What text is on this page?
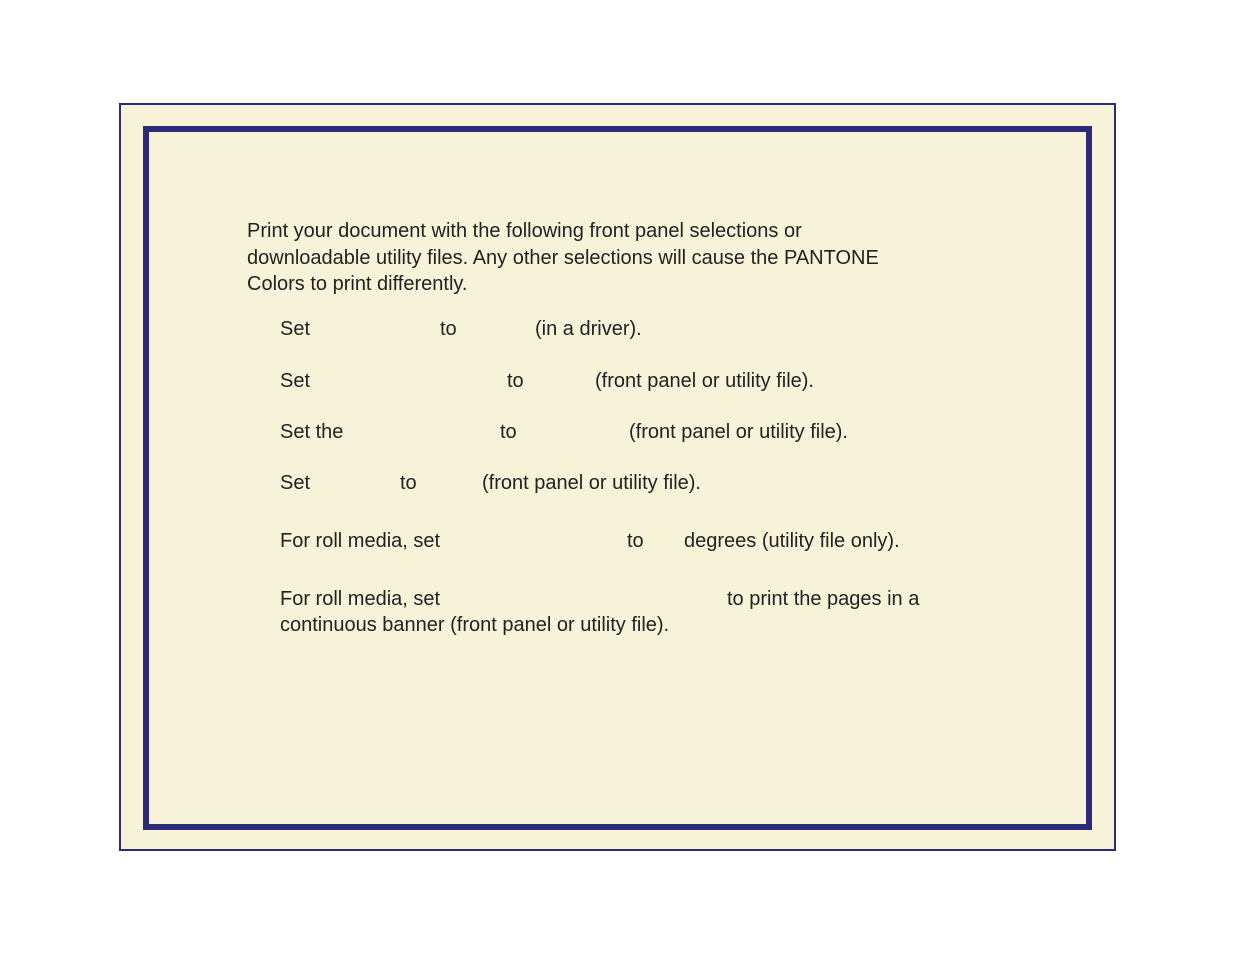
Print your document with the following front panel selections or
downloadable utility files. Any other selections will cause the PANTONE
Colors to print differently.

Set	to	(in a driver).
Set	to	(front panel or utility file).
Set the	to	(front panel or utility file).
Set	to	(front panel or utility file).
For roll media, set	to degrees (utility file only).
For roll media, set	to print the pages in a
continuous banner (front panel or utility file).
